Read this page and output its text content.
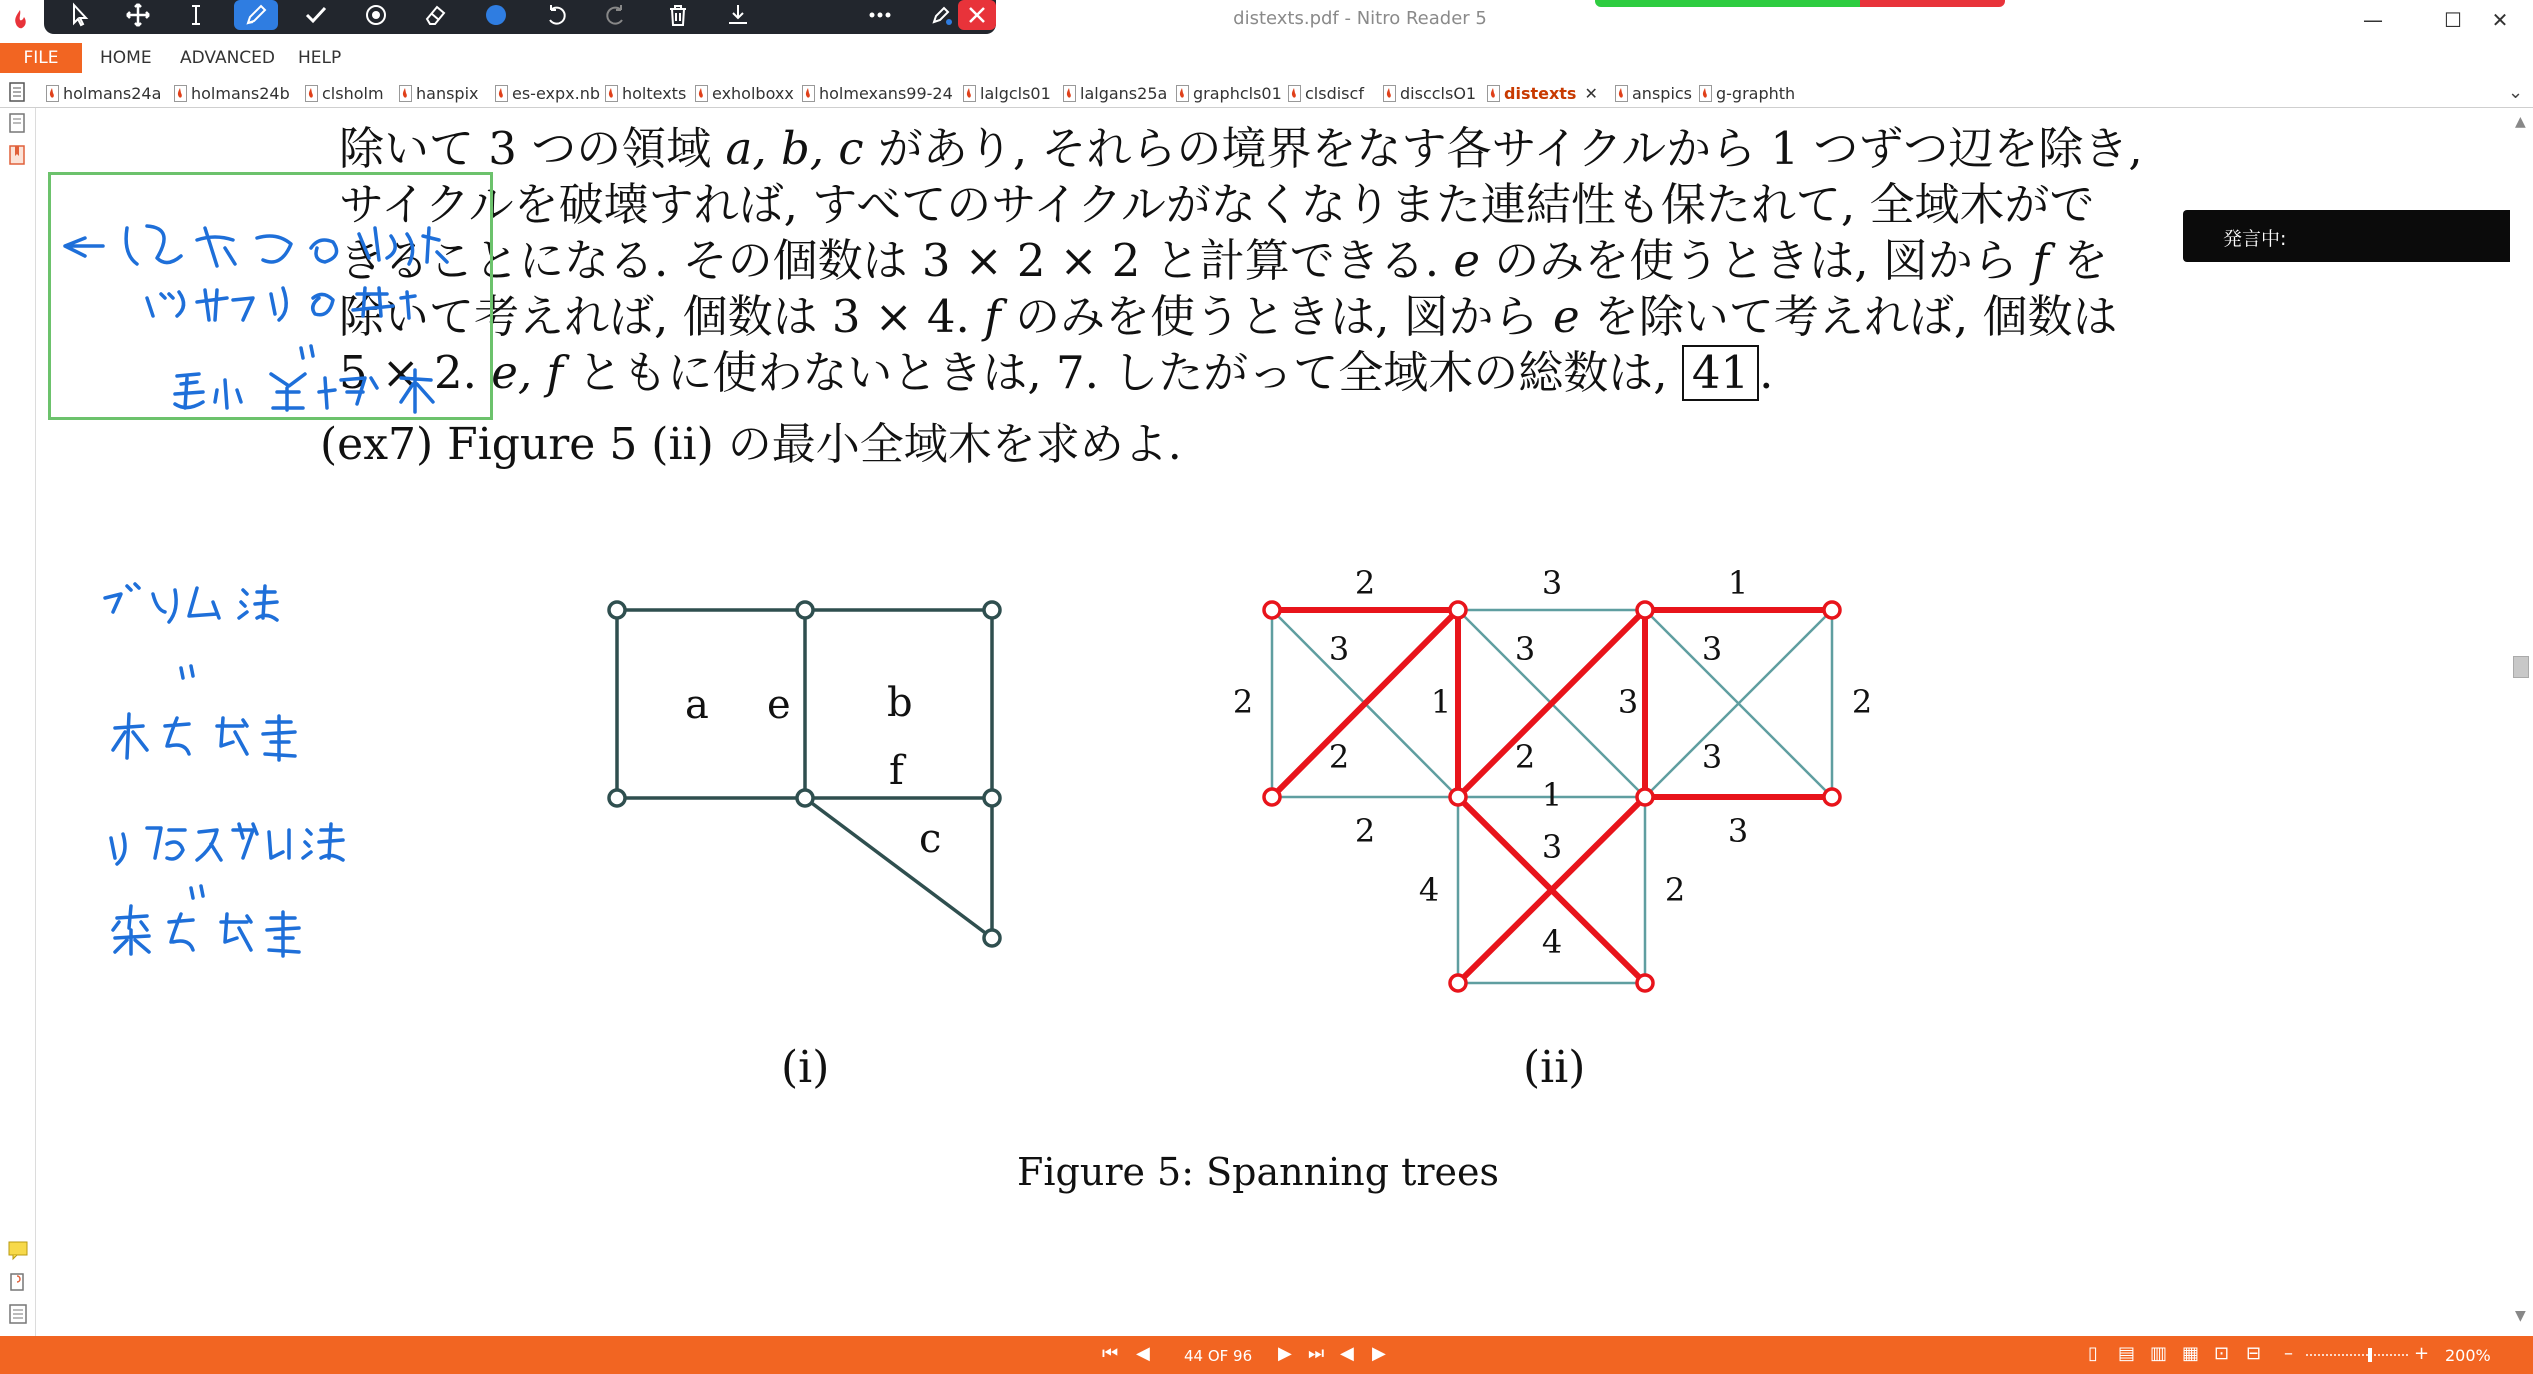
distexts.pdf - Nitro Reader 5	—	☐	✕
FILE	HOME ADVANCED HELP
holmans24a holmans24b clsholm hanspix es-expx.nb holtexts exholboxx holmexans99-24 lalgcls01 lalgans25a graphcls01 clsdiscf discclsO1 distexts ✕ anspics g-graphth	⌄
除いて 3 つの領域 a, b, c があり, それらの境界をなす各サイクルから 1 つずつ辺を除き,
サイクルを破壊すれば, すべてのサイクルがなくなりまた連結性も保たれて, 全域木がで
きることになる. その個数は 3 × 2 × 2 と計算できる. e のみを使うときは, 図から f を
除いて考えれば, 個数は 3 × 4. f のみを使うときは, 図から e を除いて考えれば, 個数は
5 × 2. e, f ともに使わないときは, 7. したがって全域木の総数は, 41 .
(ex7) Figure 5 (ii) の最小全域木を求めよ.
a e b
f
c
2	3	1
3	3	3
2	1	3	2
2	2	3
2
1
3
3
4	2
4
(i)	(ii)
Figure 5: Spanning trees
発言中:
▲
▼
⏮ ◀ 44 OF 96 ▶ ⏭ ◀ ▶	▯ ▤ ▥ ▦ ⊡ ⊟ –	+ 200%
